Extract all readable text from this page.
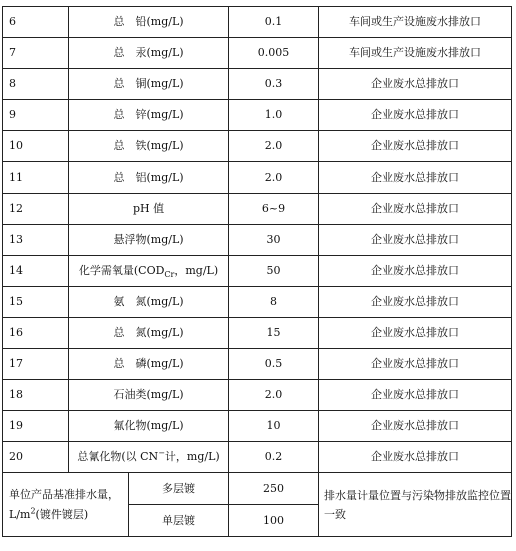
6	总　铅(mg/L)		0.1	车间或生产设施废水排放口
7	总　汞(mg/L)		0.005	车间或生产设施废水排放口
8	总　铜(mg/L)		0.3	企业废水总排放口
9	总　锌(mg/L)		1.0	企业废水总排放口
10	总　铁(mg/L)		2.0	企业废水总排放口
11	总　铝(mg/L)		2.0	企业废水总排放口
12	pH 值		6~9	企业废水总排放口
13	悬浮物(mg/L)		30	企业废水总排放口
14	化学需氧量($COD_{Cr}$，mg/L)		50	企业废水总排放口
15	氨　氮(mg/L)		8	企业废水总排放口
16	总　氮(mg/L)		15	企业废水总排放口
17	总　磷(mg/L)		0.5	企业废水总排放口
18	石油类(mg/L)		2.0	企业废水总排放口
19	氟化物(mg/L)		10	企业废水总排放口
20	总氰化物(以 CN−计，mg/L)		0.2	企业废水总排放口
单位产品基准排水量，
$L/m^2$(镀件镀层)		多层镀	250	排水量计量位置与污染物排放监控位置一致
		单层镀	100	
